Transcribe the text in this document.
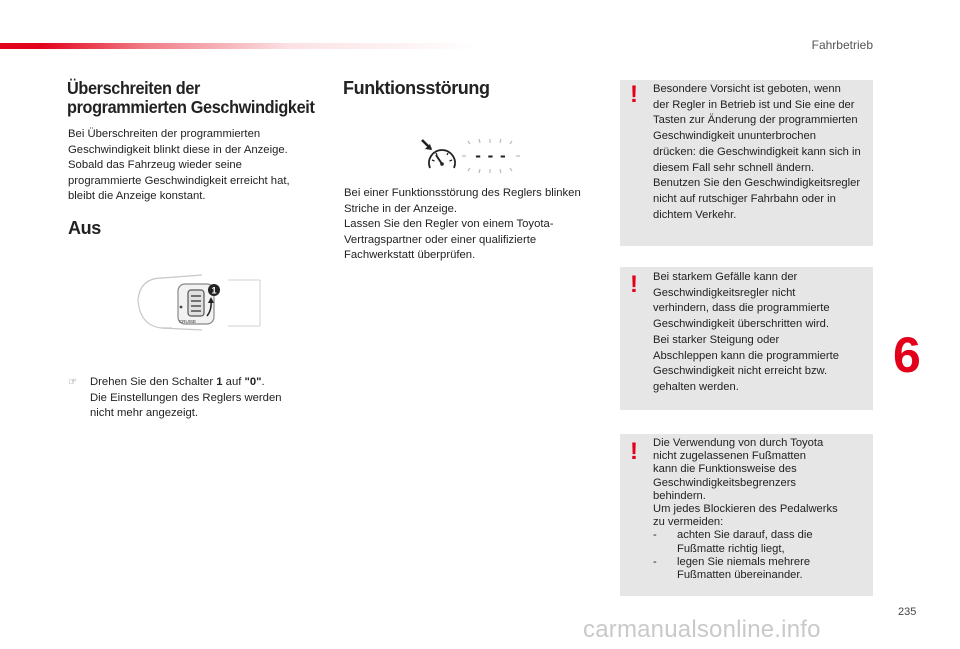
Fahrbetrieb
6
235
Überschreiten der
programmierten Geschwindigkeit
Bei Überschreiten der programmierten
Geschwindigkeit blinkt diese in der Anzeige.
Sobald das Fahrzeug wieder seine
programmierte Geschwindigkeit erreicht hat,
bleibt die Anzeige konstant.
Aus
CRUISE
1
☞ Drehen Sie den Schalter 1 auf "0".
Die Einstellungen des Reglers werden
nicht mehr angezeigt.
Funktionsstörung
- - -
Bei einer Funktionsstörung des Reglers blinken
Striche in der Anzeige.
Lassen Sie den Regler von einem Toyota-
Vertragspartner oder einer qualifizierte
Fachwerkstatt überprüfen.
! Besondere Vorsicht ist geboten, wenn
der Regler in Betrieb ist und Sie eine der
Tasten zur Änderung der programmierten
Geschwindigkeit ununterbrochen
drücken: die Geschwindigkeit kann sich in
diesem Fall sehr schnell ändern.
Benutzen Sie den Geschwindigkeitsregler
nicht auf rutschiger Fahrbahn oder in
dichtem Verkehr.
! Bei starkem Gefälle kann der
Geschwindigkeitsregler nicht
verhindern, dass die programmierte
Geschwindigkeit überschritten wird.
Bei starker Steigung oder
Abschleppen kann die programmierte
Geschwindigkeit nicht erreicht bzw.
gehalten werden.
! Die Verwendung von durch Toyota
nicht zugelassenen Fußmatten
kann die Funktionsweise des
Geschwindigkeitsbegrenzers
behindern.
Um jedes Blockieren des Pedalwerks
zu vermeiden:
- achten Sie darauf, dass die
Fußmatte richtig liegt,
- legen Sie niemals mehrere
Fußmatten übereinander.
carmanualsonline.info
